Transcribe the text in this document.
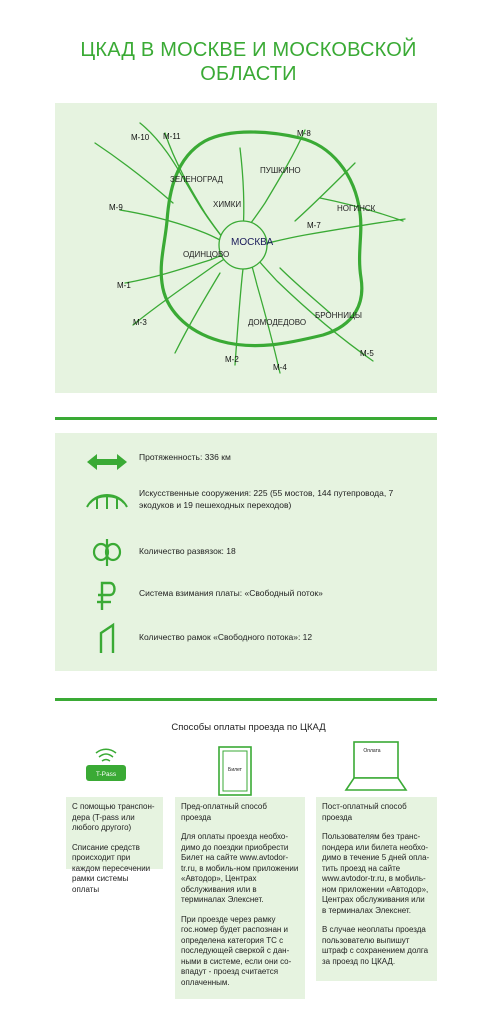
ЦКАД В МОСКВЕ И МОСКОВСКОЙ
ОБЛАСТИ
МОСКВА
ЗЕЛЕНОГРАД
ПУШКИНО
ХИМКИ	НОГИНСК
ОДИНЦОВО
ДОМОДЕДОВО
БРОННИЦЫ
М-10 М-11	М-8
М-9
М-7
М-1
М-3
М-2
М-4
М-5
Протяженность: 336 км
Искусственные сооружения: 225 (55 мостов, 144 путепровода, 7 экодуков и 19 пешеходных переходов)
Количество развязок: 18
Система взимания платы: «Свободный поток»
Количество рамок «Свободного потока»: 12
Способы оплаты проезда по ЦКАД
T-Pass
Билет
Оплата

С помощью транспон-дера (T-pass или любого другого)

Списание средств происходит при каждом пересечении рамки системы оплаты

Пред-оплатный способ проезда

Для оплаты проезда необхо-димо до поездки приобрести Билет на сайте www.avtodor-tr.ru, в мобиль-ном приложении «Автодор», Центрах обслуживания или в терминалах Элекснет.

При проезде через рамку гос.номер будет распознан и определена категория ТС с последующей сверкой с дан-ными в системе, если они со-впадут - проезд считается оплаченным.

Пост-оплатный способ проезда

Пользователям без транс-пондера или билета необхо-димо в течение 5 дней опла-тить проезд на сайте www.avtodor-tr.ru, в мобиль-ном приложении «Автодор», Центрах обслуживания или в терминалах Элекснет.

В случае неоплаты проезда пользователю выпишут штраф с сохранением долга за проезд по ЦКАД.
